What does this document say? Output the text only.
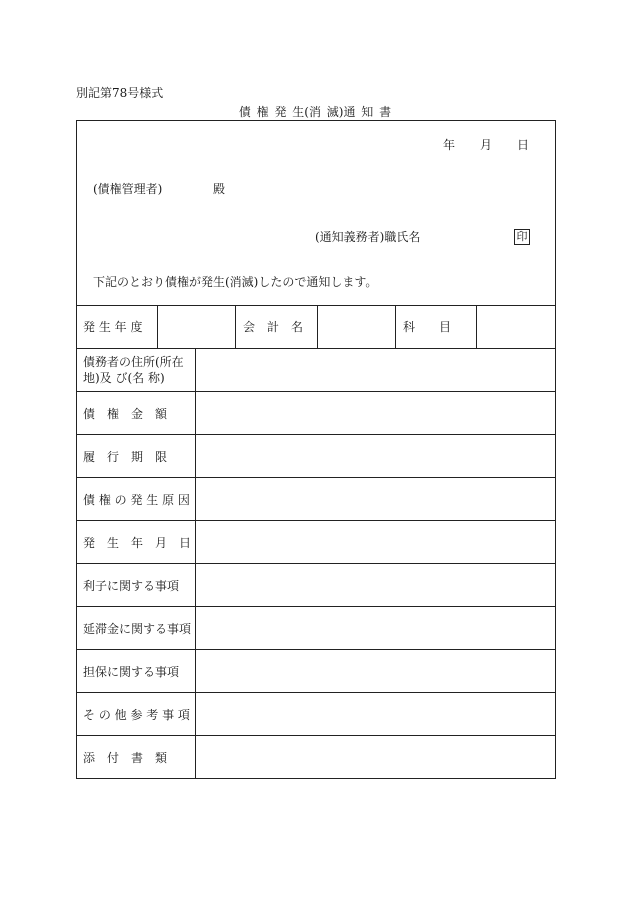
別記第78号様式
債 権 発 生(消 滅)通 知 書
年 月 日
(債権管理者)	殿
(通知義務者)職氏名	印
下記のとおり債権が発生(消滅)したので通知します。
発 生 年 度	会　計　名	科　　目
債務者の住所(所在地)及 び(名 称)
債　権　金　額
履　行　期　限
債 権 の 発 生 原 因
発　生　年　月　日
利子に関する事項
延滞金に関する事項
担保に関する事項
そ の 他 参 考 事 項
添　付　書　類
